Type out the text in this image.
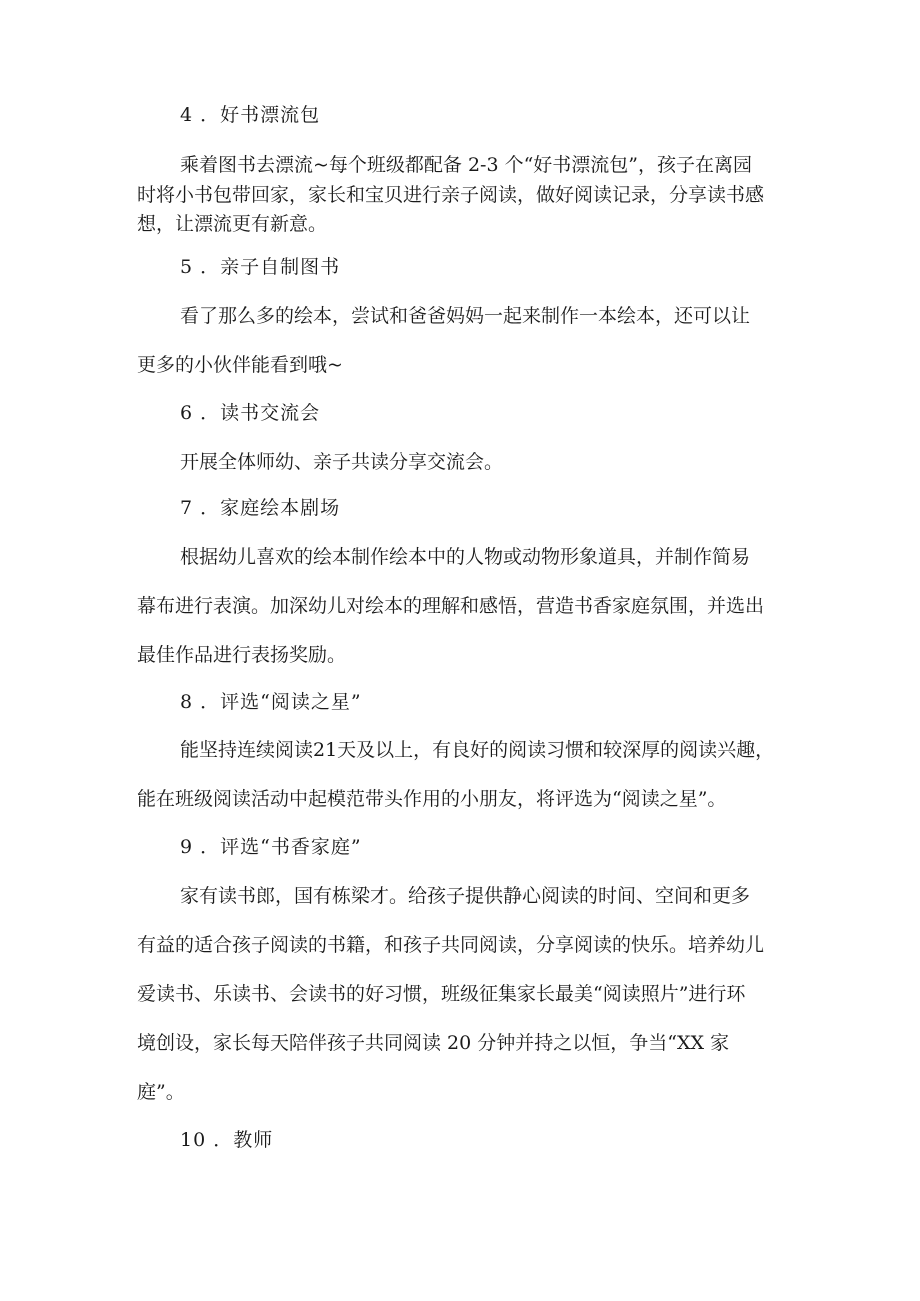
4 ．好书漂流包
乘着图书去漂流~每个班级都配备 2-3 个“好书漂流包”，孩子在离园
时将小书包带回家，家长和宝贝进行亲子阅读，做好阅读记录，分享读书感
想，让漂流更有新意。
5 ．亲子自制图书
看了那么多的绘本，尝试和爸爸妈妈一起来制作一本绘本，还可以让
更多的小伙伴能看到哦~
6 ．读书交流会
开展全体师幼、亲子共读分享交流会。
7 ．家庭绘本剧场
根据幼儿喜欢的绘本制作绘本中的人物或动物形象道具，并制作简易
幕布进行表演。加深幼儿对绘本的理解和感悟，营造书香家庭氛围，并选出
最佳作品进行表扬奖励。
8 ．评选“阅读之星”
能坚持连续阅读21天及以上，有良好的阅读习惯和较深厚的阅读兴趣，
能在班级阅读活动中起模范带头作用的小朋友，将评选为“阅读之星”。
9 ．评选“书香家庭”
家有读书郎，国有栋梁才。给孩子提供静心阅读的时间、空间和更多
有益的适合孩子阅读的书籍，和孩子共同阅读，分享阅读的快乐。培养幼儿
爱读书、乐读书、会读书的好习惯，班级征集家长最美“阅读照片”进行环
境创设，家长每天陪伴孩子共同阅读 20 分钟并持之以恒，争当“XX 家
庭”。
10 ．教师
